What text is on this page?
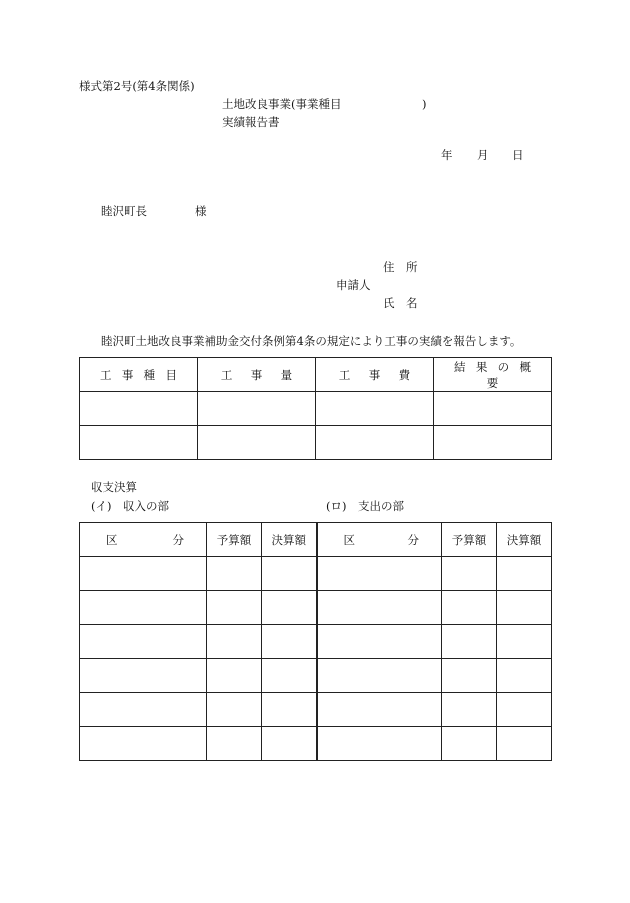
様式第2号(第4条関係)
土地改良事業(事業種目　　　　　　　)
実績報告書
年 月 日
睦沢町長	様
住　所
申請人
氏　名
睦沢町土地改良事業補助金交付条例第4条の規定により工事の実績を報告します。
工事種目	工事量	工事費	結果の概要

収支決算
(イ)　収入の部	(ロ)　支出の部
区 分	予算額	決算額	区 分	予算額	決算額
